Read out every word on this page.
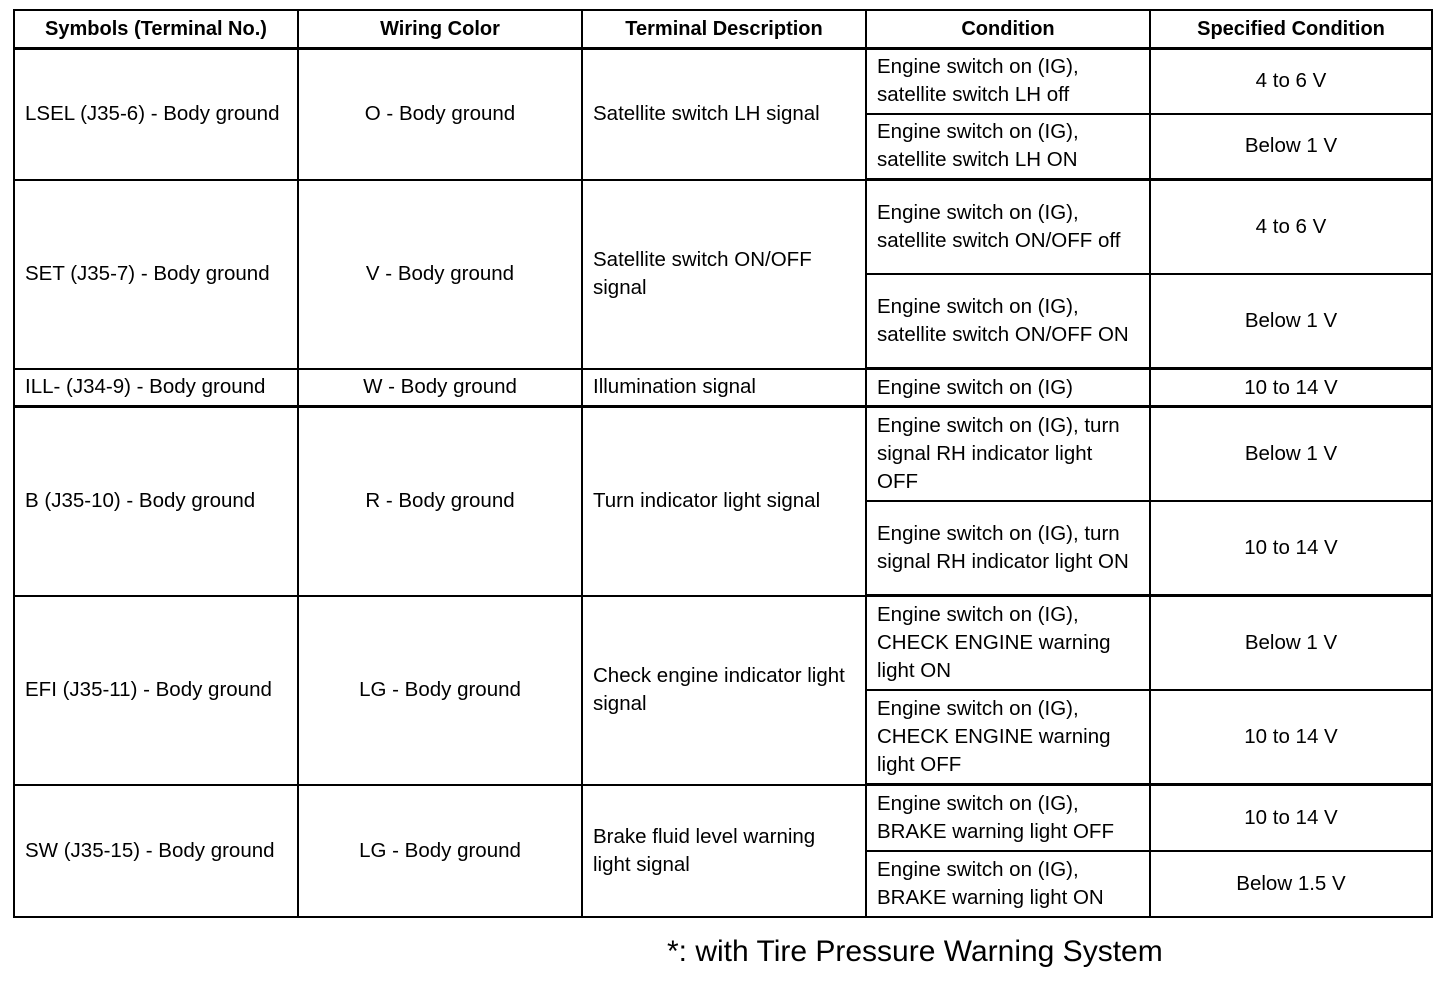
Symbols (Terminal No.)	Wiring Color	Terminal Description	Condition	Specified Condition
LSEL (J35-6) - Body ground	O - Body ground	Satellite switch LH signal	Engine switch on (IG), satellite switch LH off	4 to 6 V
			Engine switch on (IG), satellite switch LH ON	Below 1 V
SET (J35-7) - Body ground	V - Body ground	Satellite switch ON/OFF signal	Engine switch on (IG), satellite switch ON/OFF off	4 to 6 V
			Engine switch on (IG), satellite switch ON/OFF ON	Below 1 V
ILL- (J34-9) - Body ground	W - Body ground	Illumination signal	Engine switch on (IG)	10 to 14 V
B (J35-10) - Body ground	R - Body ground	Turn indicator light signal	Engine switch on (IG), turn signal RH indicator light OFF	Below 1 V
			Engine switch on (IG), turn signal RH indicator light ON	10 to 14 V
EFI (J35-11) - Body ground	LG - Body ground	Check engine indicator light signal	Engine switch on (IG), CHECK ENGINE warning light ON	Below 1 V
			Engine switch on (IG), CHECK ENGINE warning light OFF	10 to 14 V
SW (J35-15) - Body ground	LG - Body ground	Brake fluid level warning light signal	Engine switch on (IG), BRAKE warning light OFF	10 to 14 V
			Engine switch on (IG), BRAKE warning light ON	Below 1.5 V
*: with Tire Pressure Warning System
